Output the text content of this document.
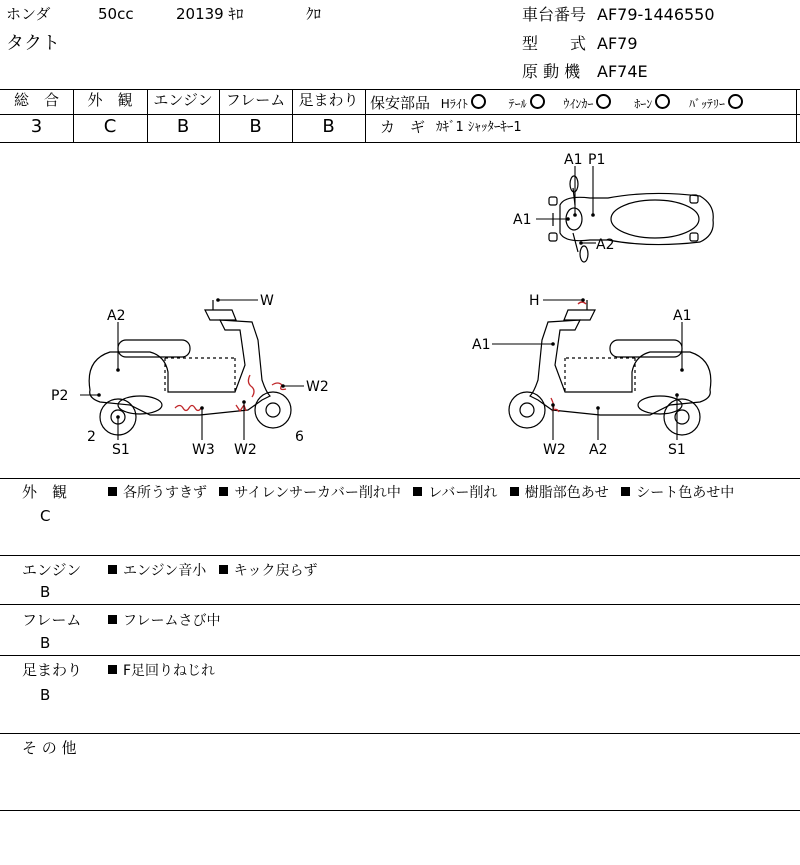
ホンダ	50cc	20139 ｷﾛ	ｸﾛ
タクト
車台番号 AF79-1446550
型　　式 AF79
原 動 機 AF74E
総　合	外　観	エンジン フレーム 足まわり
3	C	B	B	B
保安部品 Hﾗｲﾄ	ﾃｰﾙ	ｳｲﾝｶｰ	ﾎｰﾝ	ﾊﾞｯﾃﾘｰ
カ　ギ ｶｷﾞ1 ｼｬｯﾀｰｷｰ1
A1 P1
A1
A2
W
A2
P2
W2
2
S1	W3 W2
6
H
A1
A1
W2 A2	S1
外　観
C
各所うすきず サイレンサーカバー削れ中 レバー削れ 樹脂部色あせ シート色あせ中
エンジン
B
エンジン音小 キック戻らず
フレーム
B
フレームさび中
足まわり
B
F足回りねじれ
そ の 他
